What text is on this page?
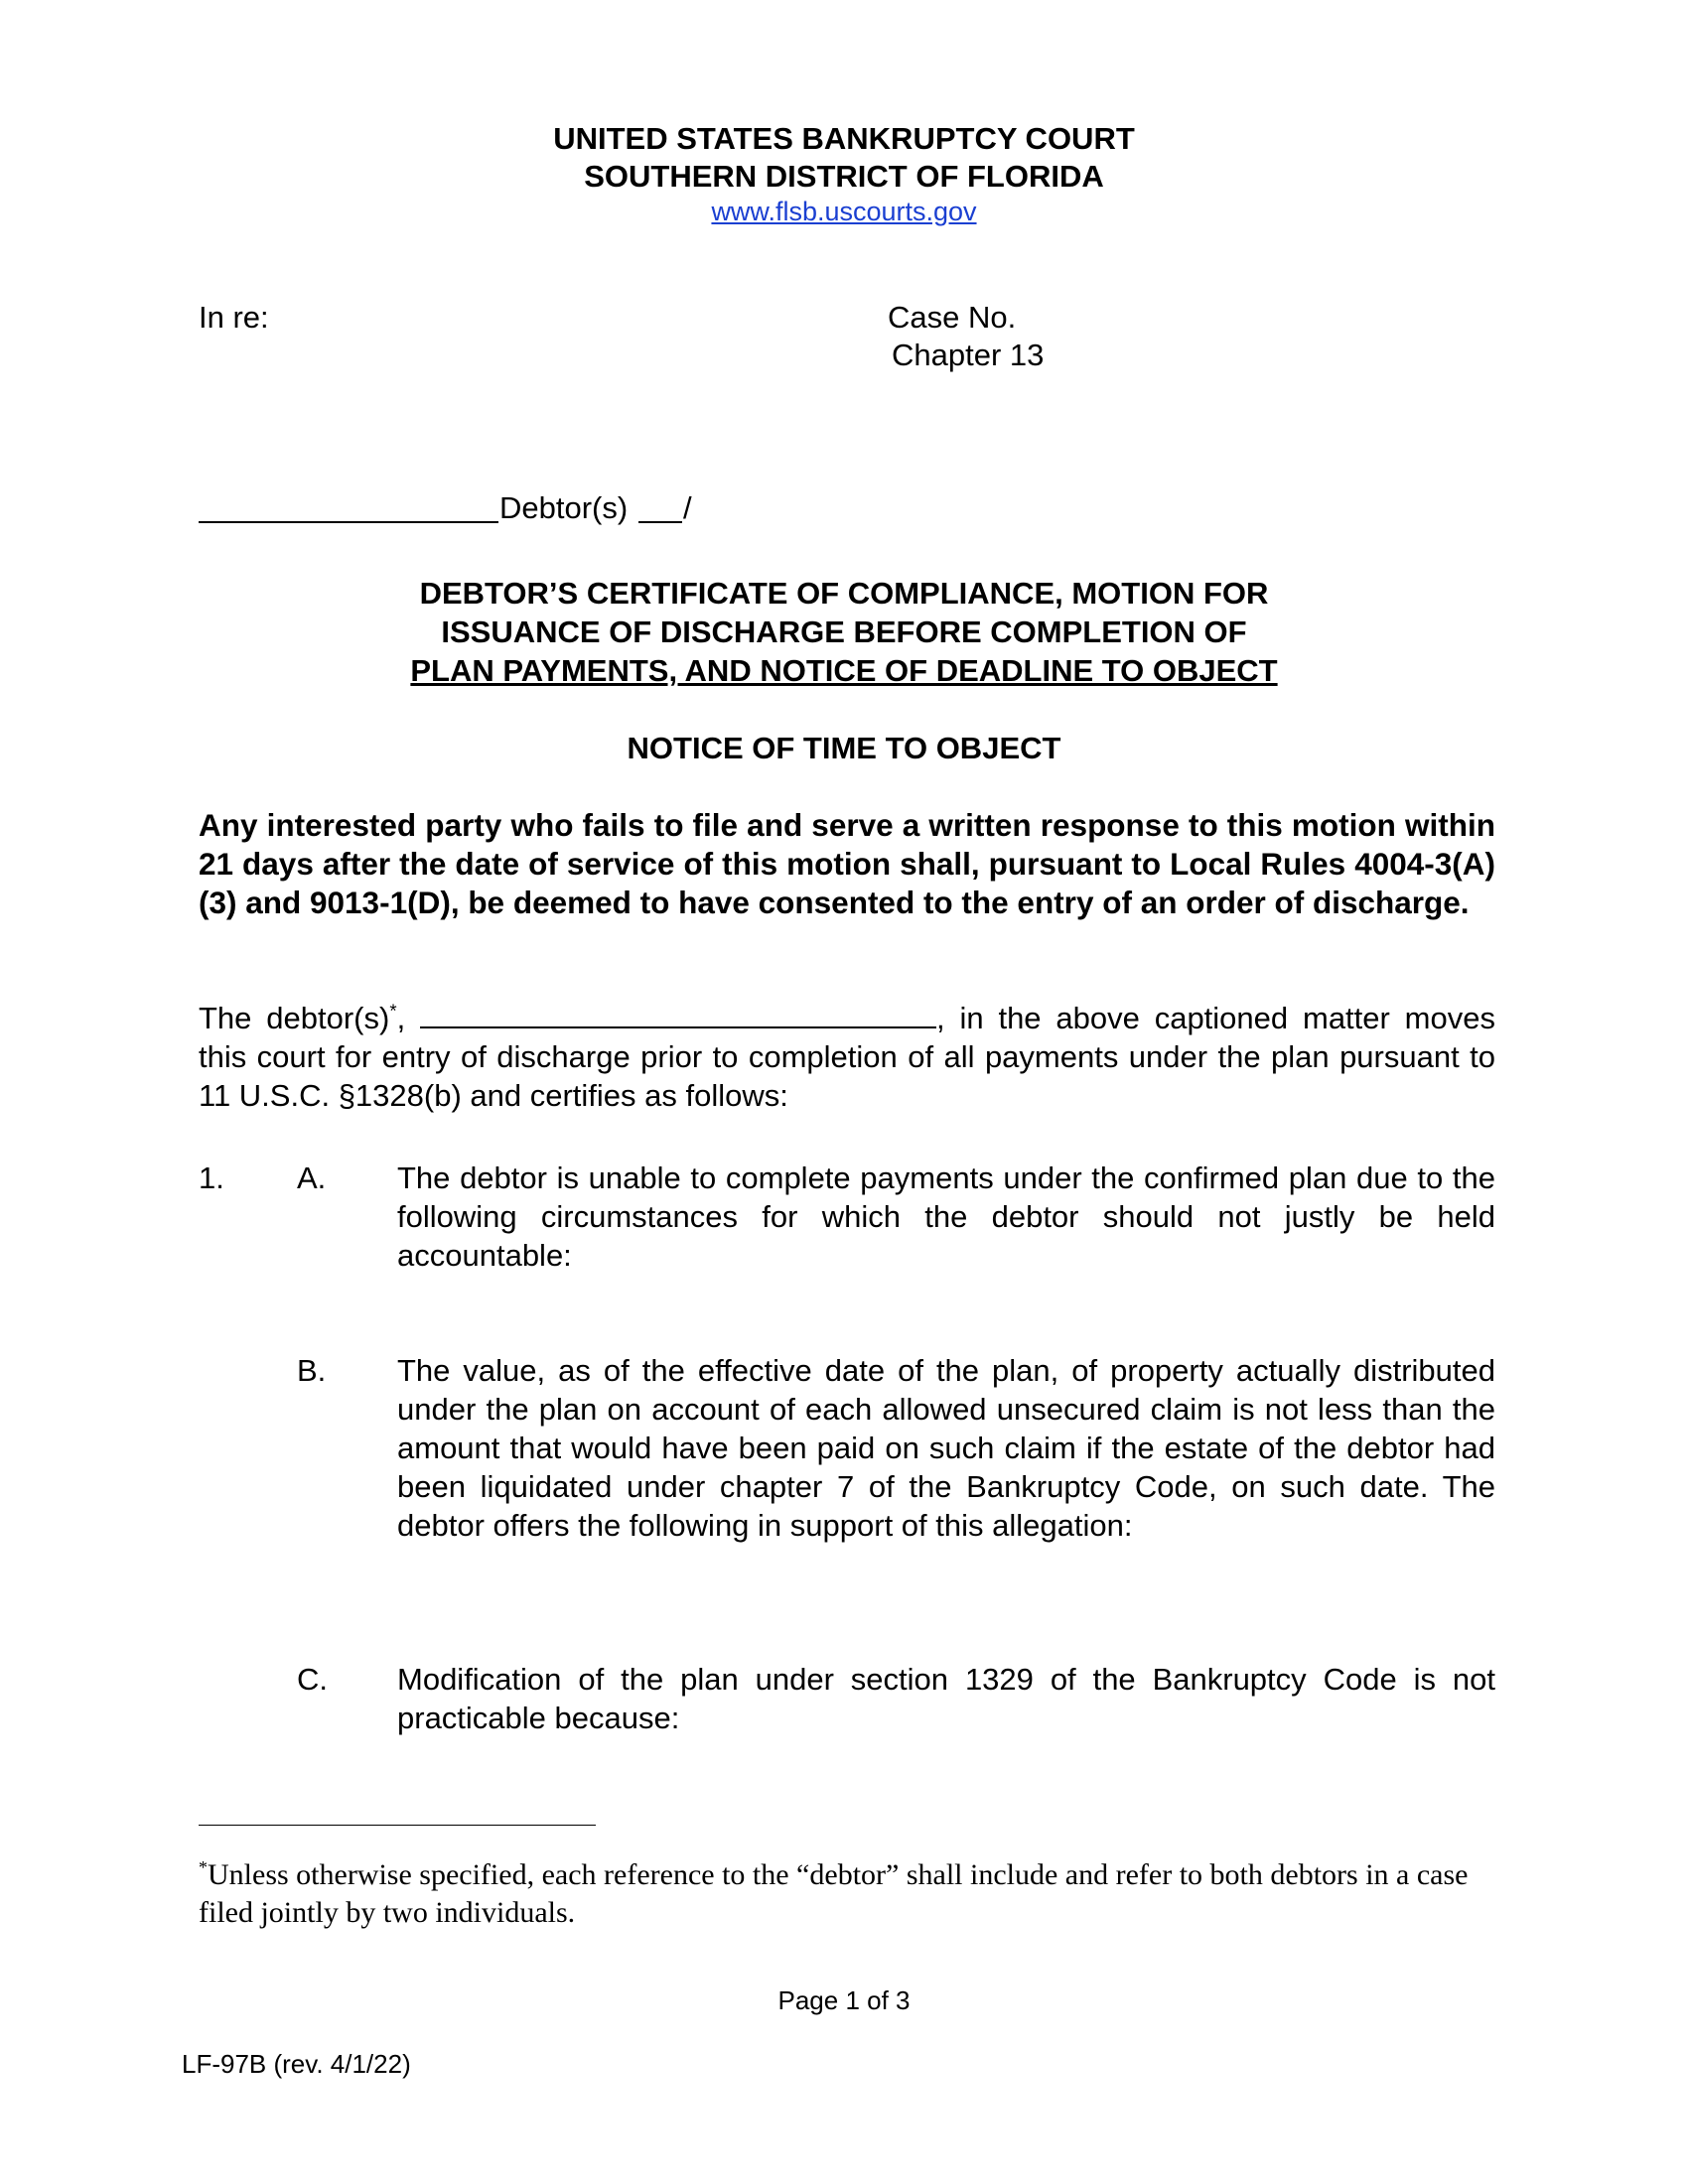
UNITED STATES BANKRUPTCY COURT
SOUTHERN DISTRICT OF FLORIDA
www.flsb.uscourts.gov
In re:	Case No.
Chapter 13
Debtor(s) /
DEBTOR’S CERTIFICATE OF COMPLIANCE, MOTION FOR
ISSUANCE OF DISCHARGE BEFORE COMPLETION OF
PLAN PAYMENTS, AND NOTICE OF DEADLINE TO OBJECT
NOTICE OF TIME TO OBJECT
Any interested party who fails to file and serve a written response to this motion within 21 days after the date of service of this motion shall, pursuant to Local Rules 4004-3(A)(3) and 9013-1(D), be deemed to have consented to the entry of an order of discharge.
The debtor(s)*,	, in the above captioned matter moves this court for entry of discharge prior to completion of all payments under the plan pursuant to 11 U.S.C. §1328(b) and certifies as follows:
1. A. The debtor is unable to complete payments under the confirmed plan due to the following circumstances for which the debtor should not justly be held accountable:
B. The value, as of the effective date of the plan, of property actually distributed under the plan on account of each allowed unsecured claim is not less than the amount that would have been paid on such claim if the estate of the debtor had been liquidated under chapter 7 of the Bankruptcy Code, on such date. The debtor offers the following in support of this allegation:
C. Modification of the plan under section 1329 of the Bankruptcy Code is not practicable because:
*Unless otherwise specified, each reference to the “debtor” shall include and refer to both debtors in a case filed jointly by two individuals.
Page 1 of 3
LF-97B (rev. 4/1/22)
